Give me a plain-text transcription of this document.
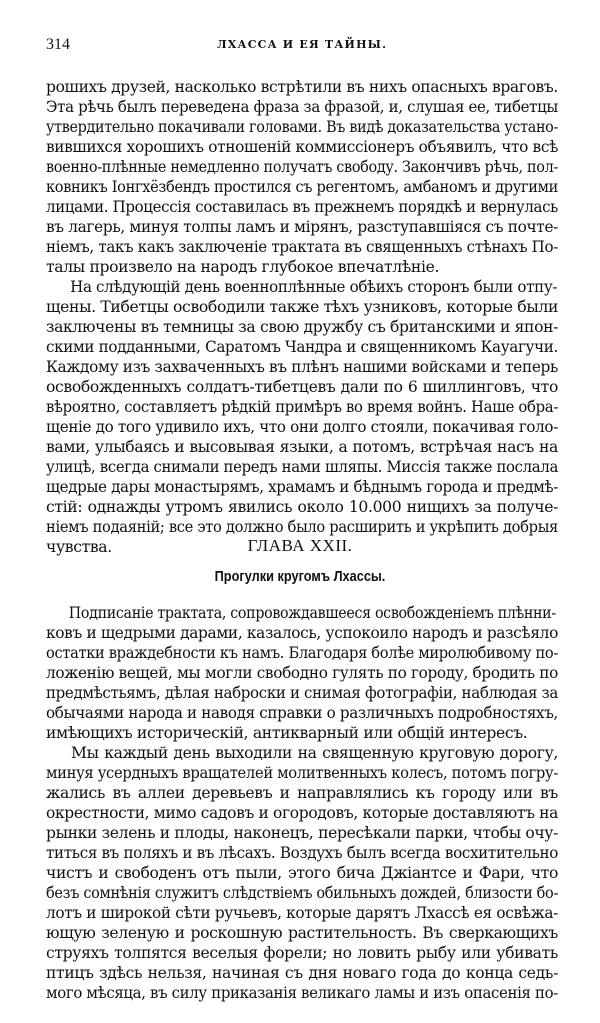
314	ЛХАССА И ЕЯ ТАЙНЫ.
рошихъ друзей, насколько встрѣтили въ нихъ опасныхъ враговъ.
Эта рѣчь былъ переведена фраза за фразой, и, слушая ее, тибетцы
утвердительно покачивали головами. Въ видѣ доказательства устано-
вившихся хорошихъ отношенiй коммиссiонеръ объявилъ, что всѣ
военно-плѣнные немедленно получатъ свободу. Закончивъ рѣчь, пол-
ковникъ Iонгхёзбендъ простился съ регентомъ, амбаномъ и другими
лицами. Процессiя составилась въ прежнемъ порядкѣ и вернулась
въ лагерь, минуя толпы ламъ и мiрянъ, разступавшiяся съ почте-
нiемъ, такъ какъ заключенiе трактата въ священныхъ стѣнахъ По-
талы произвело на народъ глубокое впечатлѣнiе.
На слѣдующiй день военноплѣнные обѣихъ сторонъ были отпу-
щены. Тибетцы освободили также тѣхъ узниковъ, которые были
заключены въ темницы за свою дружбу съ британскими и япон-
скими подданными, Саратомъ Чандра и священникомъ Кауагучи.
Каждому изъ захваченныхъ въ плѣнъ нашими войсками и теперь
освобожденныхъ солдатъ-тибетцевъ дали по 6 шиллинговъ, что
вѣроятно, составляетъ рѣдкiй примѣръ во время войнъ. Наше обра-
щенiе до того удивило ихъ, что они долго стояли, покачивая голо-
вами, улыбаясь и высовывая языки, а потомъ, встрѣчая насъ на
улицѣ, всегда снимали передъ нами шляпы. Миссiя также послала
щедрые дары монастырямъ, храмамъ и бѣднымъ города и предмѣ-
стiй: однажды утромъ явились около 10.000 нищихъ за получе-
нiемъ подаянiй; все это должно было расширить и укрѣпить добрыя
чувства.	ГЛАВА XXII.
Прогулки кругомъ Лхассы.
Подписанiе трактата, сопровождавшееся освобожденiемъ плѣнни-
ковъ и щедрыми дарами, казалось, успокоило народъ и разсѣяло
остатки враждебности къ намъ. Благодаря болѣе миролюбивому по-
ложенiю вещей, мы могли свободно гулять по городу, бродить по
предмѣстьямъ, дѣлая наброски и снимая фотографiи, наблюдая за
обычаями народа и наводя справки о различныхъ подробностяхъ,
имѣющихъ историческiй, антикварный или общiй интересъ.
Мы каждый день выходили на священную круговую дорогу,
минуя усердныхъ вращателей молитвенныхъ колесъ, потомъ погру-
жались въ аллеи деревьевъ и направлялись къ городу или въ
окрестности, мимо садовъ и огородовъ, которые доставляютъ на
рынки зелень и плоды, наконецъ, пересѣкали парки, чтобы очу-
титься въ поляхъ и въ лѣсахъ. Воздухъ былъ всегда восхитительно
чистъ и свободенъ отъ пыли, этого бича Джiантсе и Фари, что
безъ сомнѣнiя служитъ слѣдствiемъ обильныхъ дождей, близости бо-
лотъ и широкой сѣти ручьевъ, которые дарятъ Лхассѣ ея освѣжа-
ющую зеленую и роскошную растительность. Въ сверкающихъ
струяхъ толпятся веселыя форели; но ловить рыбу или убивать
птицъ здѣсь нельзя, начиная съ дня новаго года до конца седь-
мого мѣсяца, въ силу приказанiя великаго ламы и изъ опасенiя по-
